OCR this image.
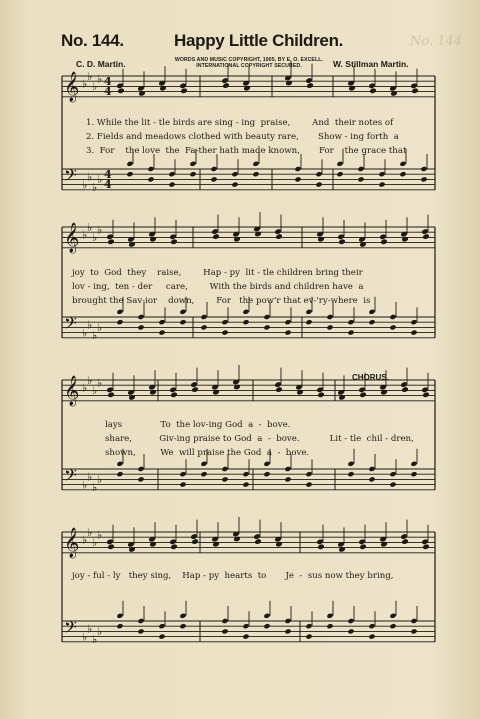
No. 144.	Happy Little Children.	No. 144
C. D. Martin.	W. Stillman Martin.
WORDS AND MUSIC COPYRIGHT, 1905, BY E. O. EXCELL.
INTERNATIONAL COPYRIGHT SECURED.
CHORUS.
𝄞 ♭
♭
♭
♭ 4
4
𝄢 ♭
♭
♭
♭ 4
4
𝄞 ♭
♭
♭
♭
𝄢 ♭
♭
♭
♭
𝄞 ♭
♭
♭
♭
𝄢 ♭
♭
♭
♭
𝄞 ♭
♭
♭
♭
𝄢 ♭
♭
♭
♭
1. While the lit - tle birds are sing - ing  praise,        And  their notes of
2. Fields and meadows clothed with beauty rare,       Show - ing forth  a
3.  For    the love  the  Fa-ther hath made known,       For    the grace that
joy  to  God  they    raise,        Hap - py  lit - tle children bring their
lov - ing,  ten - der     care,        With the birds and children have  a
brought the Sav-ior    down,        For   the pow'r that ev-'ry-where  is
lays              To  the lov-ing God  a  -  bove.
share,          Giv-ing praise to God  a  -  bove.           Lit - tle  chil - dren,
shown,         We  will praise the God  a  -  bove.
joy - ful - ly   they sing,    Hap - py  hearts  to       Je  -  sus now they bring,
